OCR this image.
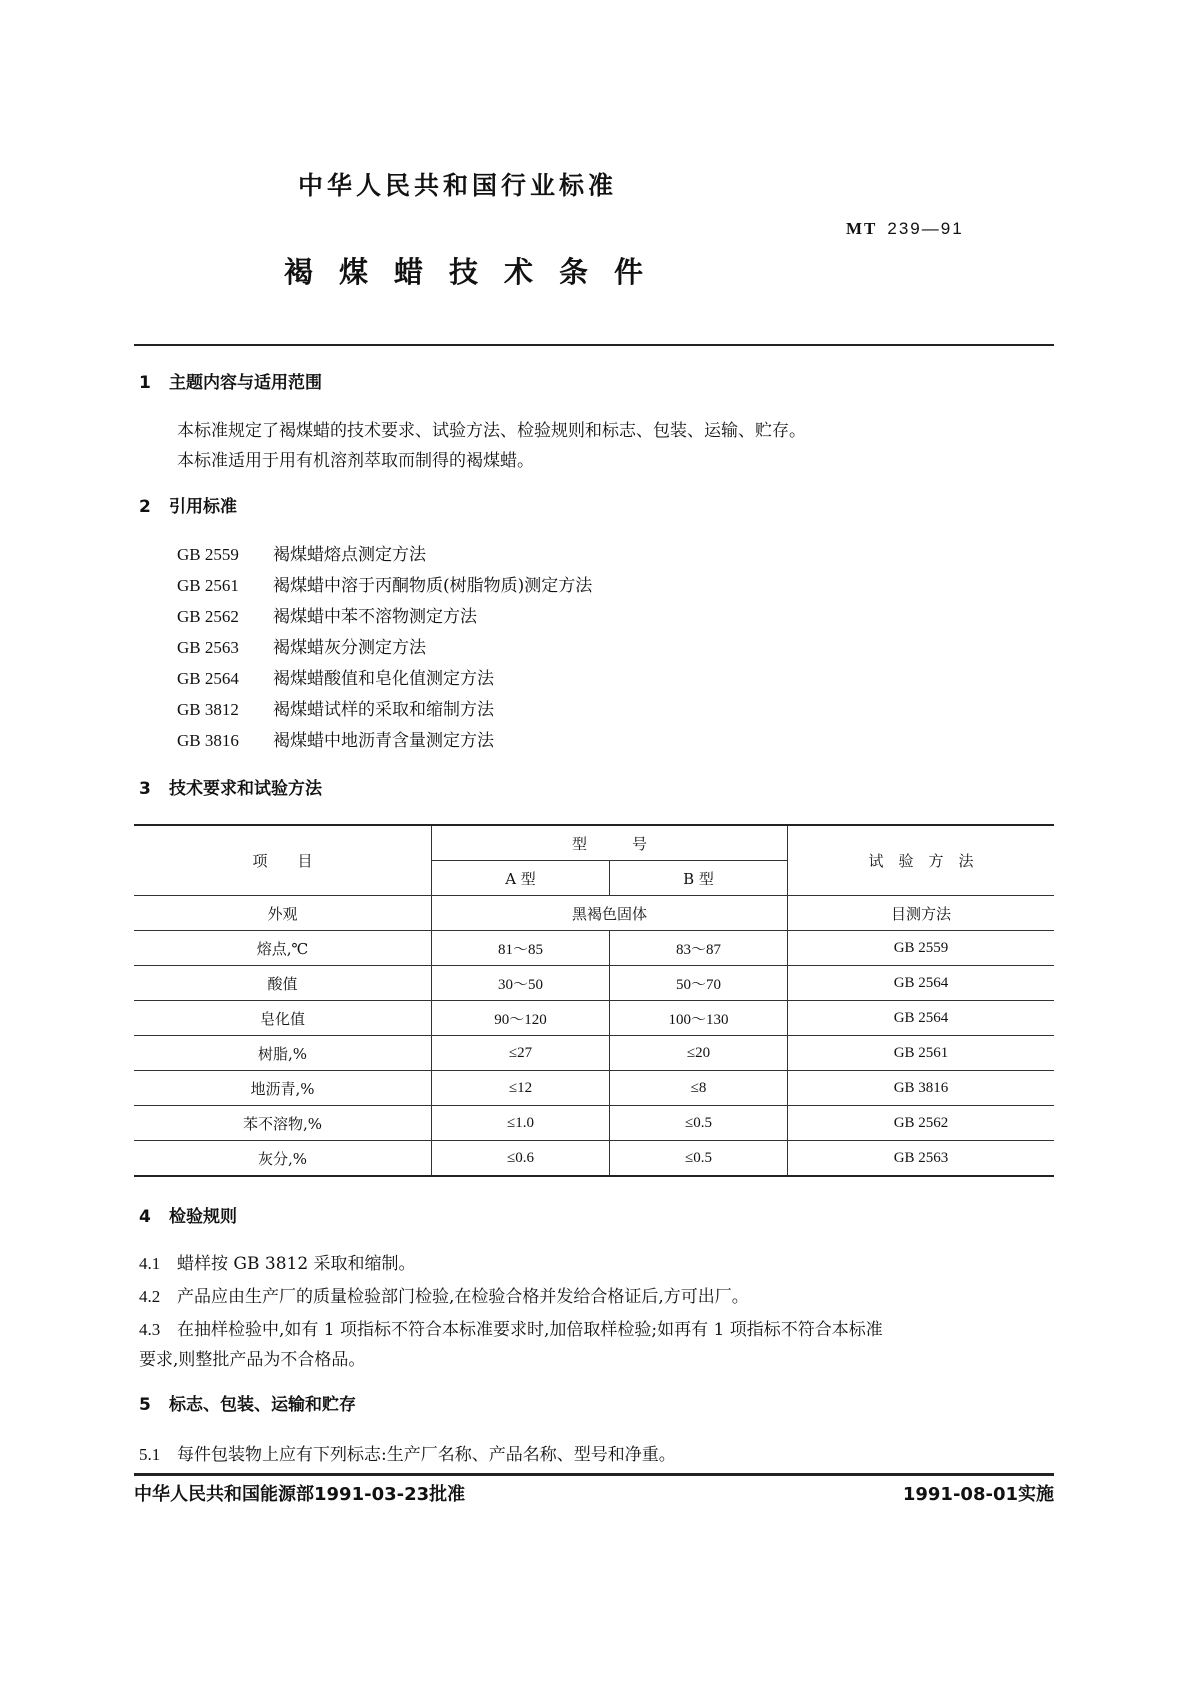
中华人民共和国行业标准
MT 239—91
褐煤蜡技术条件
1 主题内容与适用范围
本标准规定了褐煤蜡的技术要求、试验方法、检验规则和标志、包装、运输、贮存。
本标准适用于用有机溶剂萃取而制得的褐煤蜡。
2 引用标准
GB 2559 褐煤蜡熔点测定方法
GB 2561 褐煤蜡中溶于丙酮物质(树脂物质)测定方法
GB 2562 褐煤蜡中苯不溶物测定方法
GB 2563 褐煤蜡灰分测定方法
GB 2564 褐煤蜡酸值和皂化值测定方法
GB 3812 褐煤蜡试样的采取和缩制方法
GB 3816 褐煤蜡中地沥青含量测定方法
3 技术要求和试验方法
项　　目	型　　　号		试　验　方　法
	A 型	B 型	
外观	黑褐色固体		目测方法
熔点,℃	81～85	83～87	GB 2559
酸值	30～50	50～70	GB 2564
皂化值	90～120	100～130	GB 2564
树脂,%	≤27	≤20	GB 2561
地沥青,%	≤12	≤8	GB 3816
苯不溶物,%	≤1.0	≤0.5	GB 2562
灰分,%	≤0.6	≤0.5	GB 2563
4 检验规则
4.1 蜡样按 GB 3812 采取和缩制。
4.2 产品应由生产厂的质量检验部门检验,在检验合格并发给合格证后,方可出厂。
4.3 在抽样检验中,如有 1 项指标不符合本标准要求时,加倍取样检验;如再有 1 项指标不符合本标准
要求,则整批产品为不合格品。
5 标志、包装、运输和贮存
5.1 每件包装物上应有下列标志:生产厂名称、产品名称、型号和净重。
中华人民共和国能源部1991-03-23批准	1991-08-01实施
